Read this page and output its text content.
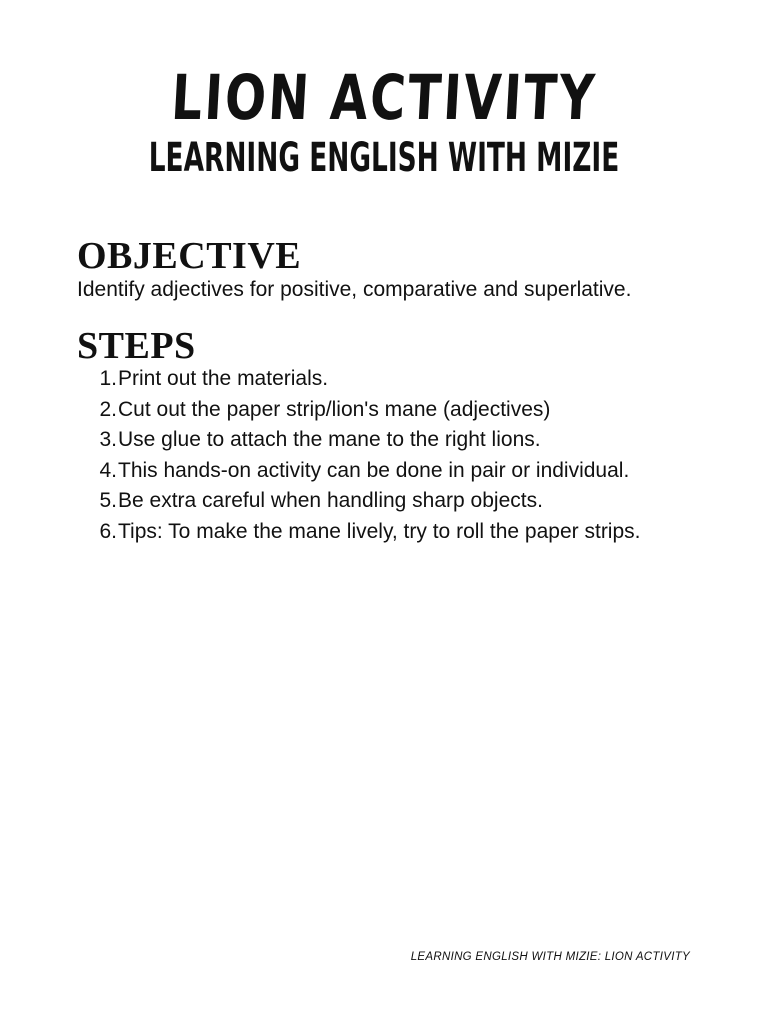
LION ACTIVITY
LEARNING ENGLISH WITH MIZIE
OBJECTIVE
Identify adjectives for positive, comparative and superlative.
STEPS
1. Print out the materials.
2. Cut out the paper strip/lion's mane (adjectives)
3. Use glue to attach the mane to the right lions.
4. This hands-on activity can be done in pair or individual.
5. Be extra careful when handling sharp objects.
6. Tips: To make the mane lively, try to roll the paper strips.
LEARNING ENGLISH WITH MIZIE: LION ACTIVITY
